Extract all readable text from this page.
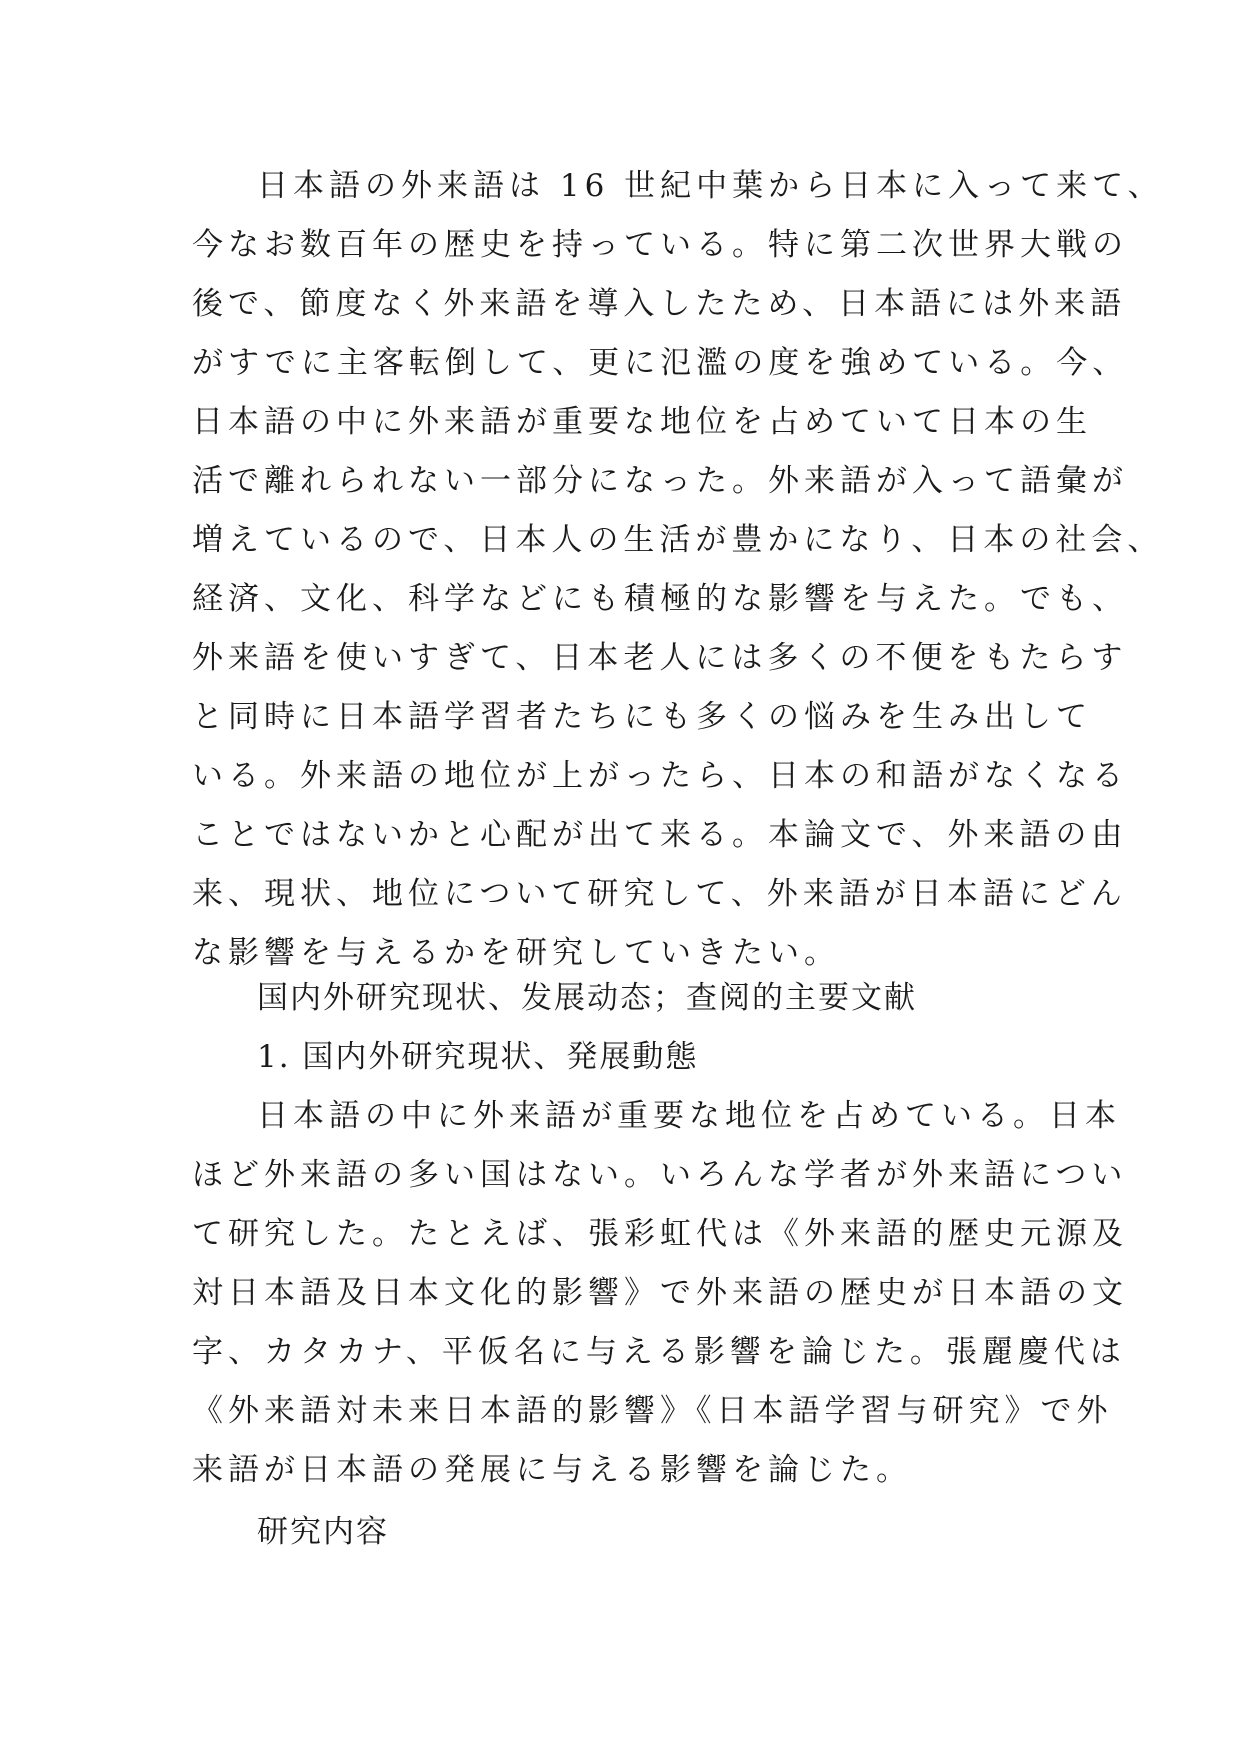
日本語の外来語は 16 世紀中葉から日本に入って来て、
今なお数百年の歴史を持っている。特に第二次世界大戦の
後で、節度なく外来語を導入したため、日本語には外来語
がすでに主客転倒して、更に氾濫の度を強めている。今、
日本語の中に外来語が重要な地位を占めていて日本の生
活で離れられない一部分になった。外来語が入って語彙が
増えているので、日本人の生活が豊かになり、日本の社会、
経済、文化、科学などにも積極的な影響を与えた。でも、
外来語を使いすぎて、日本老人には多くの不便をもたらす
と同時に日本語学習者たちにも多くの悩みを生み出して
いる。外来語の地位が上がったら、日本の和語がなくなる
ことではないかと心配が出て来る。本論文で、外来語の由
来、現状、地位について研究して、外来語が日本語にどん
な影響を与えるかを研究していきたい。
国内外研究现状、发展动态；查阅的主要文献
1. 国内外研究現状、発展動態
日本語の中に外来語が重要な地位を占めている。日本
ほど外来語の多い国はない。いろんな学者が外来語につい
て研究した。たとえば、張彩虹代は《外来語的歴史元源及
対日本語及日本文化的影響》で外来語の歴史が日本語の文
字、カタカナ、平仮名に与える影響を論じた。張麗慶代は
《外来語対未来日本語的影響》《日本語学習与研究》で外
来語が日本語の発展に与える影響を論じた。
研究内容
